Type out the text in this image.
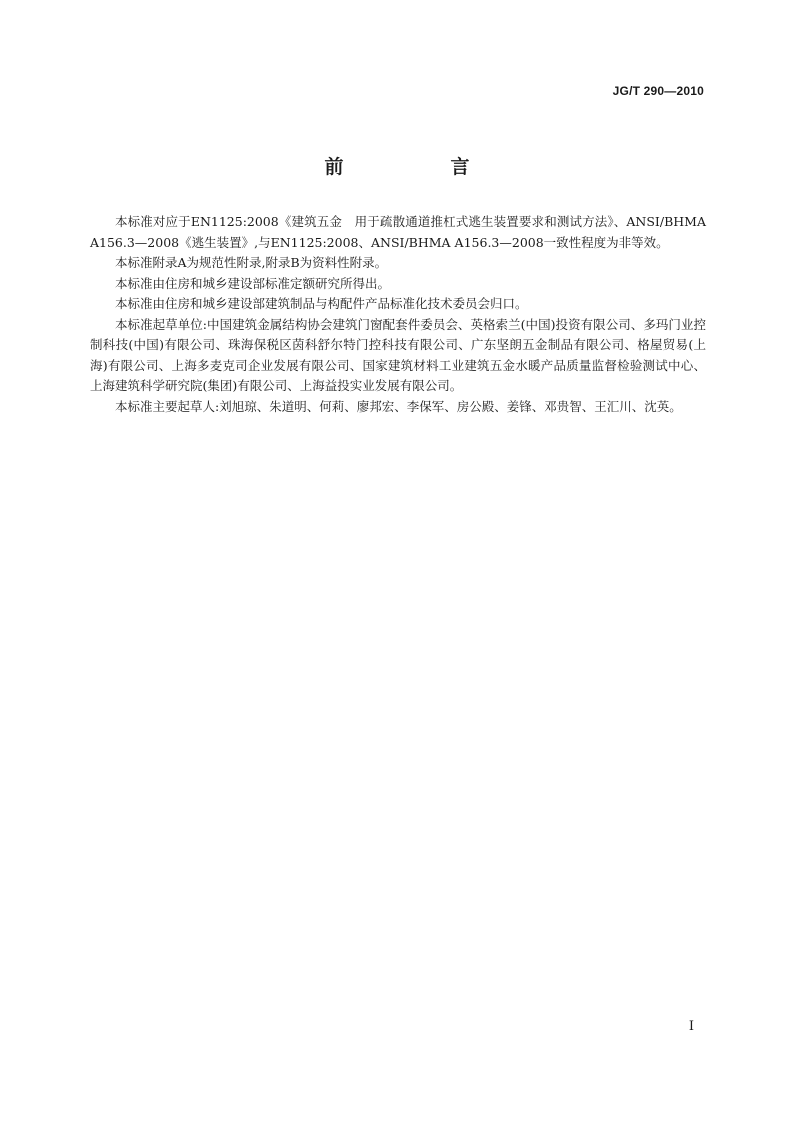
JG/T 290—2010
前　言

本标准对应于EN1125:2008《建筑五金　用于疏散通道推杠式逃生装置要求和测试方法》、ANSI/BHMA A156.3—2008《逃生装置》,与EN1125:2008、ANSI/BHMA A156.3—2008一致性程度为非等效。

本标准附录A为规范性附录,附录B为资料性附录。

本标准由住房和城乡建设部标准定额研究所得出。

本标准由住房和城乡建设部建筑制品与构配件产品标准化技术委员会归口。

本标准起草单位:中国建筑金属结构协会建筑门窗配套件委员会、英格索兰(中国)投资有限公司、多玛门业控制科技(中国)有限公司、珠海保税区茵科舒尔特门控科技有限公司、广东坚朗五金制品有限公司、格屋贸易(上海)有限公司、上海多麦克司企业发展有限公司、国家建筑材料工业建筑五金水暖产品质量监督检验测试中心、上海建筑科学研究院(集团)有限公司、上海益投实业发展有限公司。

本标准主要起草人:刘旭琼、朱道明、何莉、廖邦宏、李保军、房公殿、姜锋、邓贵智、王汇川、沈英。

I
